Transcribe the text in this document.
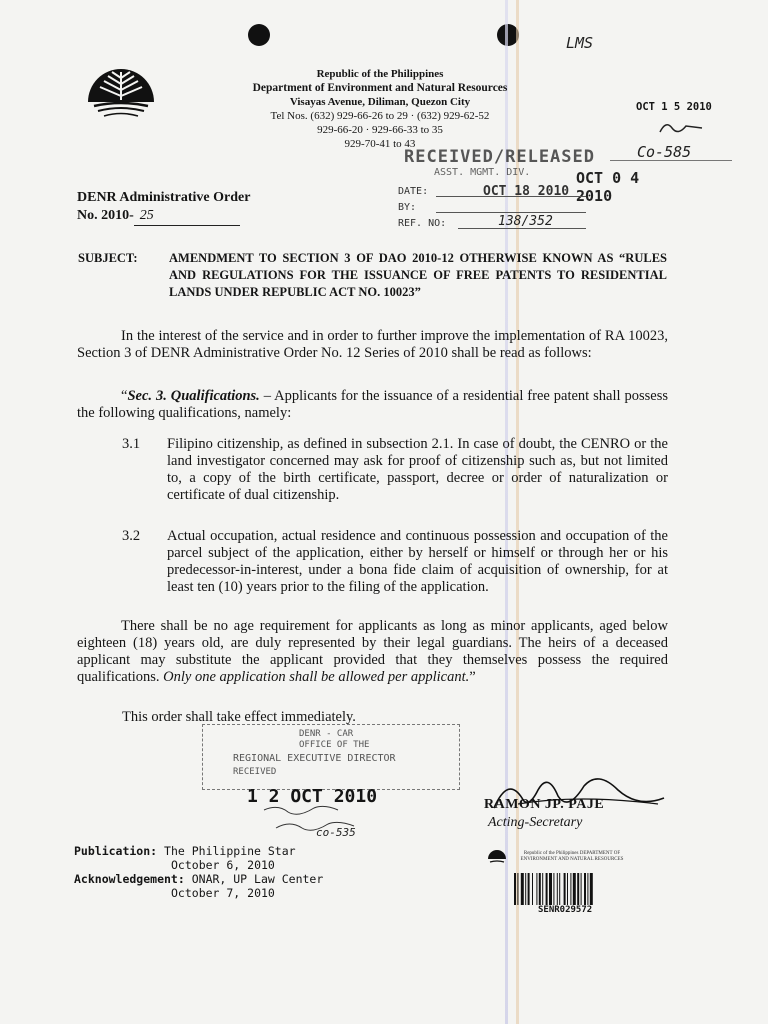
Republic of the Philippines
Department of Environment and Natural Resources
Visayas Avenue, Diliman, Quezon City
Tel Nos. (632) 929-66-26 to 29 · (632) 929-62-52
929-66-20 · 929-66-33 to 35
929-70-41 to 43
LMS
OCT 1 5 2010
Co-585
RECEIVED/RELEASED
ASST. MGMT. DIV.	OCT 0 4 2010
DATE:	OCT 18 2010
BY:
REF. NO:	138/352
DENR Administrative Order
No. 2010- 25
SUBJECT:	AMENDMENT TO SECTION 3 OF DAO 2010-12 OTHERWISE KNOWN AS “RULES AND REGULATIONS FOR THE ISSUANCE OF FREE PATENTS TO RESIDENTIAL LANDS UNDER REPUBLIC ACT NO. 10023”
In the interest of the service and in order to further improve the implementation of RA 10023, Section 3 of DENR Administrative Order No. 12 Series of 2010 shall be read as follows:
“Sec. 3. Qualifications. – Applicants for the issuance of a residential free patent shall possess the following qualifications, namely:
3.1 Filipino citizenship, as defined in subsection 2.1. In case of doubt, the CENRO or the land investigator concerned may ask for proof of citizenship such as, but not limited to, a copy of the birth certificate, passport, decree or order of naturalization or certificate of dual citizenship.
3.2 Actual occupation, actual residence and continuous possession and occupation of the parcel subject of the application, either by herself or himself or through her or his predecessor-in-interest, under a bona fide claim of acquisition of ownership, for at least ten (10) years prior to the filing of the application.
There shall be no age requirement for applicants as long as minor applicants, aged below eighteen (18) years old, are duly represented by their legal guardians. The heirs of a deceased applicant may substitute the applicant provided that they themselves possess the required qualifications. Only one application shall be allowed per applicant.”
This order shall take effect immediately.
DENR - CAR
OFFICE OF THE
REGIONAL EXECUTIVE DIRECTOR
RECEIVED
1 2 OCT 2010
co-535
RAMON JP. PAJE
Acting-Secretary
Publication: The Philippine Star
October 6, 2010
Acknowledgement: ONAR, UP Law Center
October 7, 2010
Republic of the Philippines DEPARTMENT OF ENVIRONMENT AND NATURAL RESOURCES
SENR029572
